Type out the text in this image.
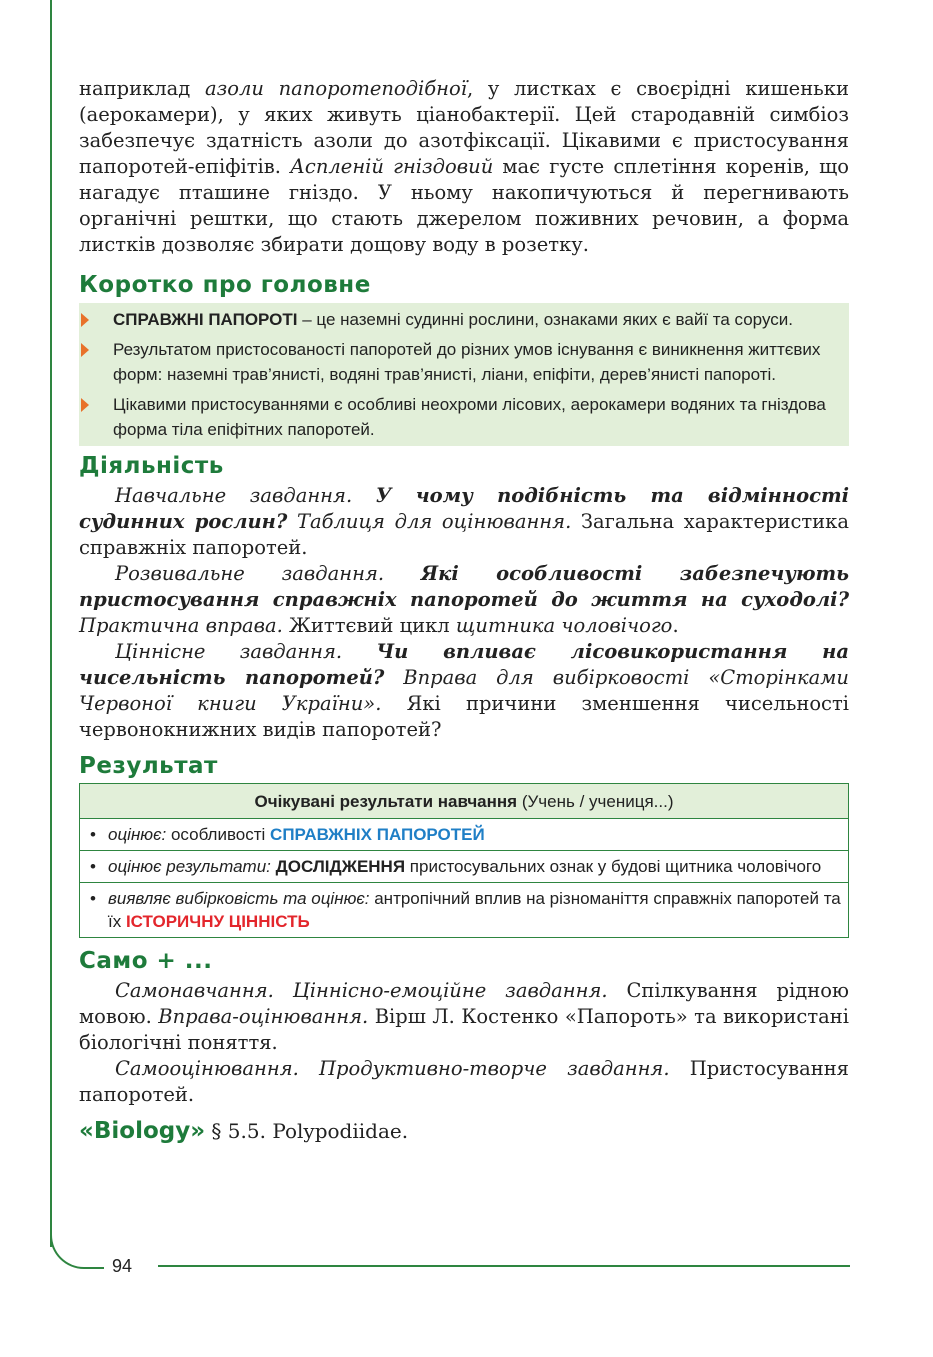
94

наприклад азоли папоротеподібної, у листках є своєрідні кишеньки (аерокамери), у яких живуть ціанобактерії. Цей стародавній симбіоз забезпечує здатність азоли до азотфіксації. Цікавими є пристосування папоротей-епіфітів. Аспленій гніздовий має густе сплетіння коренів, що нагадує пташине гніздо. У ньому накопичуються й перегнивають органічні рештки, що стають джерелом поживних речовин, а форма листків дозволяє збирати дощову воду в розетку.

Коротко про головне
СПРАВЖНІ ПАПОРОТІ – це наземні судинні рослини, ознаками яких є вайї та соруси.
Результатом пристосованості папоротей до різних умов існування є виникнення життєвих форм: наземні трав’янисті, водяні трав’янисті, ліани, епіфіти, дерев’янисті папороті.
Цікавими пристосуваннями є особливі неохроми лісових, аерокамери водяних та гніздова форма тіла епіфітних папоротей.
Діяльність

Навчальне завдання. У чому подібність та відмінності судинних рослин? Таблиця для оцінювання. Загальна характеристика справжніх папоротей.

Розвивальне завдання. Які особливості забезпечують пристосування справжніх папоротей до життя на суходолі? Практична вправа. Життєвий цикл щитника чоловічого.

Ціннісне завдання. Чи впливає лісовикористання на чисельність папоротей? Вправа для вибірковості «Сторінками Червоної книги України». Які причини зменшення чисельності червонокнижних видів папоротей?

Результат
Очікувані результати навчання (Учень / учениця...)

• оцінює: особливості СПРАВЖНІХ ПАПОРОТЕЙ

• оцінює результати: ДОСЛІДЖЕННЯ пристосувальних ознак у будові щитника чоловічого

• виявляє вибірковість та оцінює: антропічний вплив на різноманіття справжніх папоротей та їх ІСТОРИЧНУ ЦІННІСТЬ
Само + ...

Самонавчання. Ціннісно-емоційне завдання. Спілкування рідною мовою. Вправа-оцінювання. Вірш Л. Костенко «Папороть» та використані біологічні поняття.

Самооцінювання. Продуктивно-творче завдання. Пристосування папоротей.

«Biology» § 5.5. Polypodiidae.
